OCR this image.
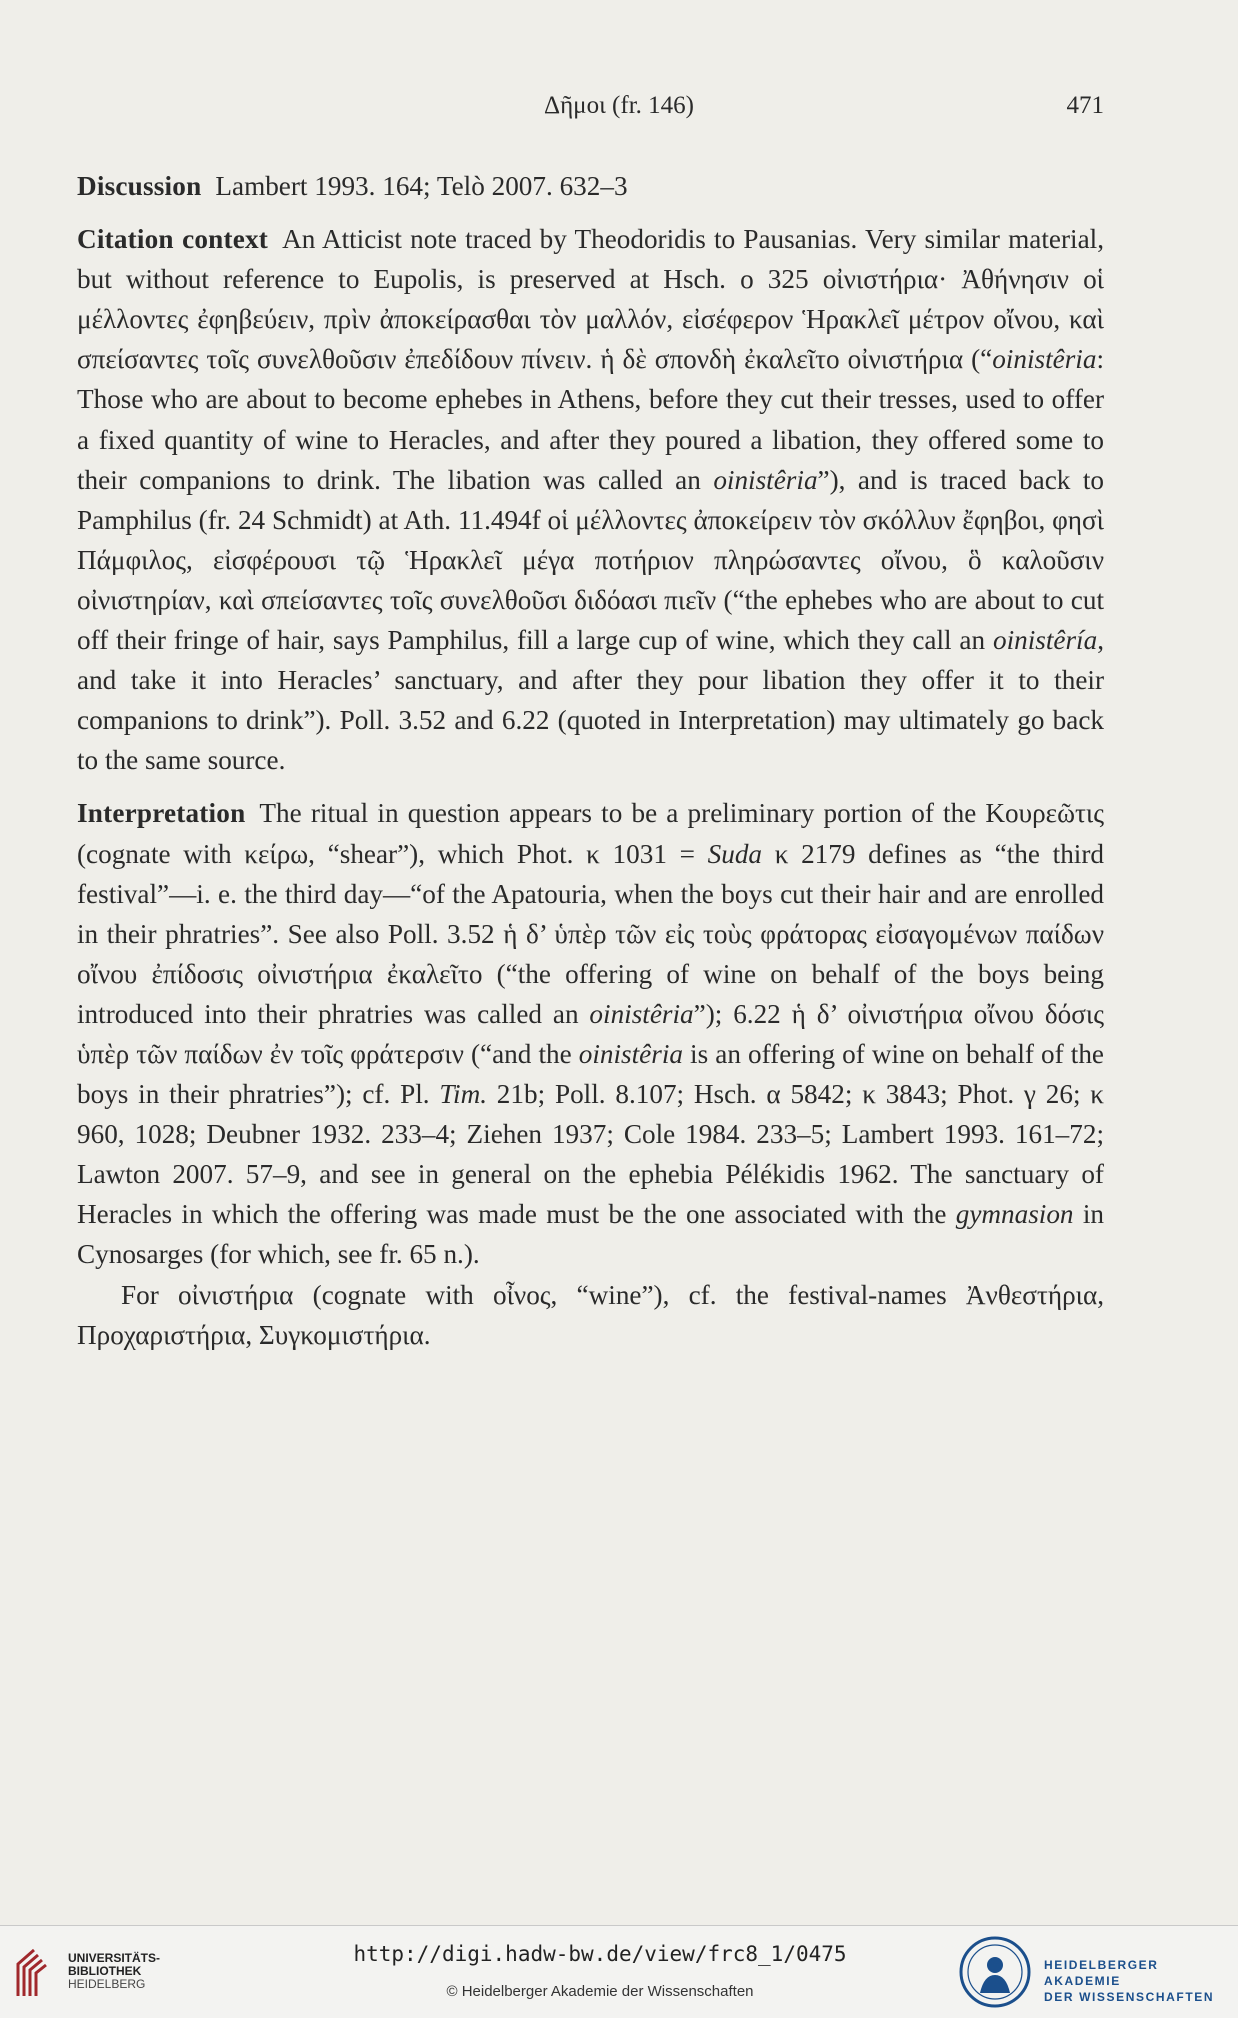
Δῆμοι (fr. 146)	471

Discussion Lambert 1993. 164; Telò 2007. 632–3

Citation context An Atticist note traced by Theodoridis to Pausanias. Very similar material, but without reference to Eupolis, is preserved at Hsch. ο 325 οἰνιστήρια· Ἀθήνησιν οἱ μέλλοντες ἐφηβεύειν, πρὶν ἀποκείρασθαι τὸν μαλλόν, εἰσέφερον Ἡρακλεῖ μέτρον οἴνου, καὶ σπείσαντες τοῖς συνελθοῦσιν ἐπεδίδουν πίνειν. ἡ δὲ σπονδὴ ἐκαλεῖτο οἰνιστήρια (“oinistêria: Those who are about to become ephebes in Athens, before they cut their tresses, used to offer a fixed quantity of wine to Heracles, and after they poured a libation, they offered some to their companions to drink. The libation was called an oinistêria”), and is traced back to Pamphilus (fr. 24 Schmidt) at Ath. 11.494f οἱ μέλλοντες ἀποκείρειν τὸν σκόλλυν ἔφηβοι, φησὶ Πάμφιλος, εἰσφέρουσι τῷ Ἡρακλεῖ μέγα ποτήριον πληρώσαντες οἴνου, ὃ καλοῦσιν οἰνιστηρίαν, καὶ σπείσαντες τοῖς συνελθοῦσι διδόασι πιεῖν (“the ephebes who are about to cut off their fringe of hair, says Pamphilus, fill a large cup of wine, which they call an oinistêría, and take it into Heracles’ sanctuary, and after they pour libation they offer it to their companions to drink”). Poll. 3.52 and 6.22 (quoted in Interpretation) may ultimately go back to the same source.

Interpretation The ritual in question appears to be a preliminary portion of the Κουρεῶτις (cognate with κείρω, “shear”), which Phot. κ 1031 = Suda κ 2179 defines as “the third festival”—i. e. the third day—“of the Apatouria, when the boys cut their hair and are enrolled in their phratries”. See also Poll. 3.52 ἡ δ’ ὑπὲρ τῶν εἰς τοὺς φράτορας εἰσαγομένων παίδων οἴνου ἐπίδοσις οἰνιστήρια ἐκαλεῖτο (“the offering of wine on behalf of the boys being introduced into their phratries was called an oinistêria”); 6.22 ἡ δ’ οἰνιστήρια οἴνου δόσις ὑπὲρ τῶν παίδων ἐν τοῖς φράτερσιν (“and the oinistêria is an offering of wine on behalf of the boys in their phratries”); cf. Pl. Tim. 21b; Poll. 8.107; Hsch. α 5842; κ 3843; Phot. γ 26; κ 960, 1028; Deubner 1932. 233–4; Ziehen 1937; Cole 1984. 233–5; Lambert 1993. 161–72; Lawton 2007. 57–9, and see in general on the ephebia Pélékidis 1962. The sanctuary of Heracles in which the offering was made must be the one associated with the gymnasion in Cynosarges (for which, see fr. 65 n.).

For οἰνιστήρια (cognate with οἶνος, “wine”), cf. the festival-names Ἀνθεστήρια, Προχαριστήρια, Συγκομιστήρια.

UNIVERSITÄTS-
BIBLIOTHEK
HEIDELBERG
http://digi.hadw-bw.de/view/frc8_1/0475
© Heidelberger Akademie der Wissenschaften
HEIDELBERGER AKADEMIE
DER WISSENSCHAFTEN
